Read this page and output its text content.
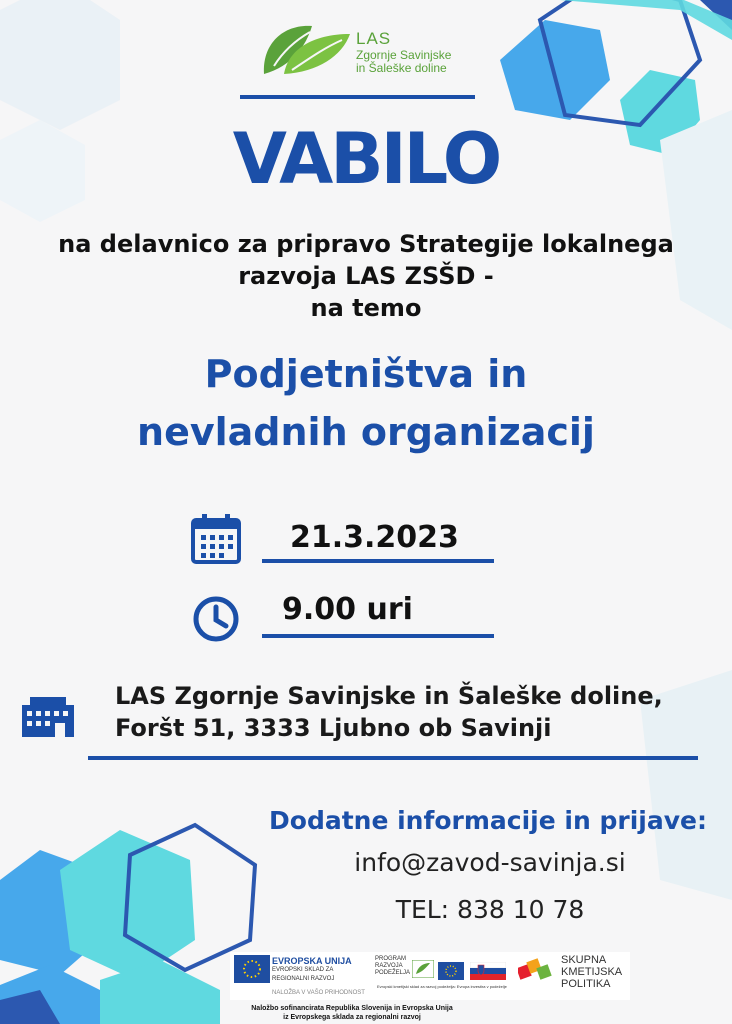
LAS
Zgornje Savinjske
in Šaleške doline
VABILO
na delavnico za pripravo Strategije lokalnega
razvoja LAS ZSŠD -
na temo
Podjetništva in
nevladnih organizacij
21.3.2023
9.00 uri
LAS Zgornje Savinjske in Šaleške doline,
Foršt 51, 3333 Ljubno ob Savinji
Dodatne informacije in prijave:
info@zavod-savinja.si
TEL: 838 10 78
EVROPSKA UNIJA
EVROPSKI SKLAD ZA
REGIONALNI RAZVOJ
NALOŽBA V VAŠO PRIHODNOST
PROGRAM
RAZVOJA
PODEŽELJA
Evropski kmetijski sklad za razvoj podeželja: Evropa investira v podeželje
SKUPNA
KMETIJSKA
POLITIKA
Naložbo sofinancirata Republika Slovenija in Evropska Unija
iz Evropskega sklada za regionalni razvoj
